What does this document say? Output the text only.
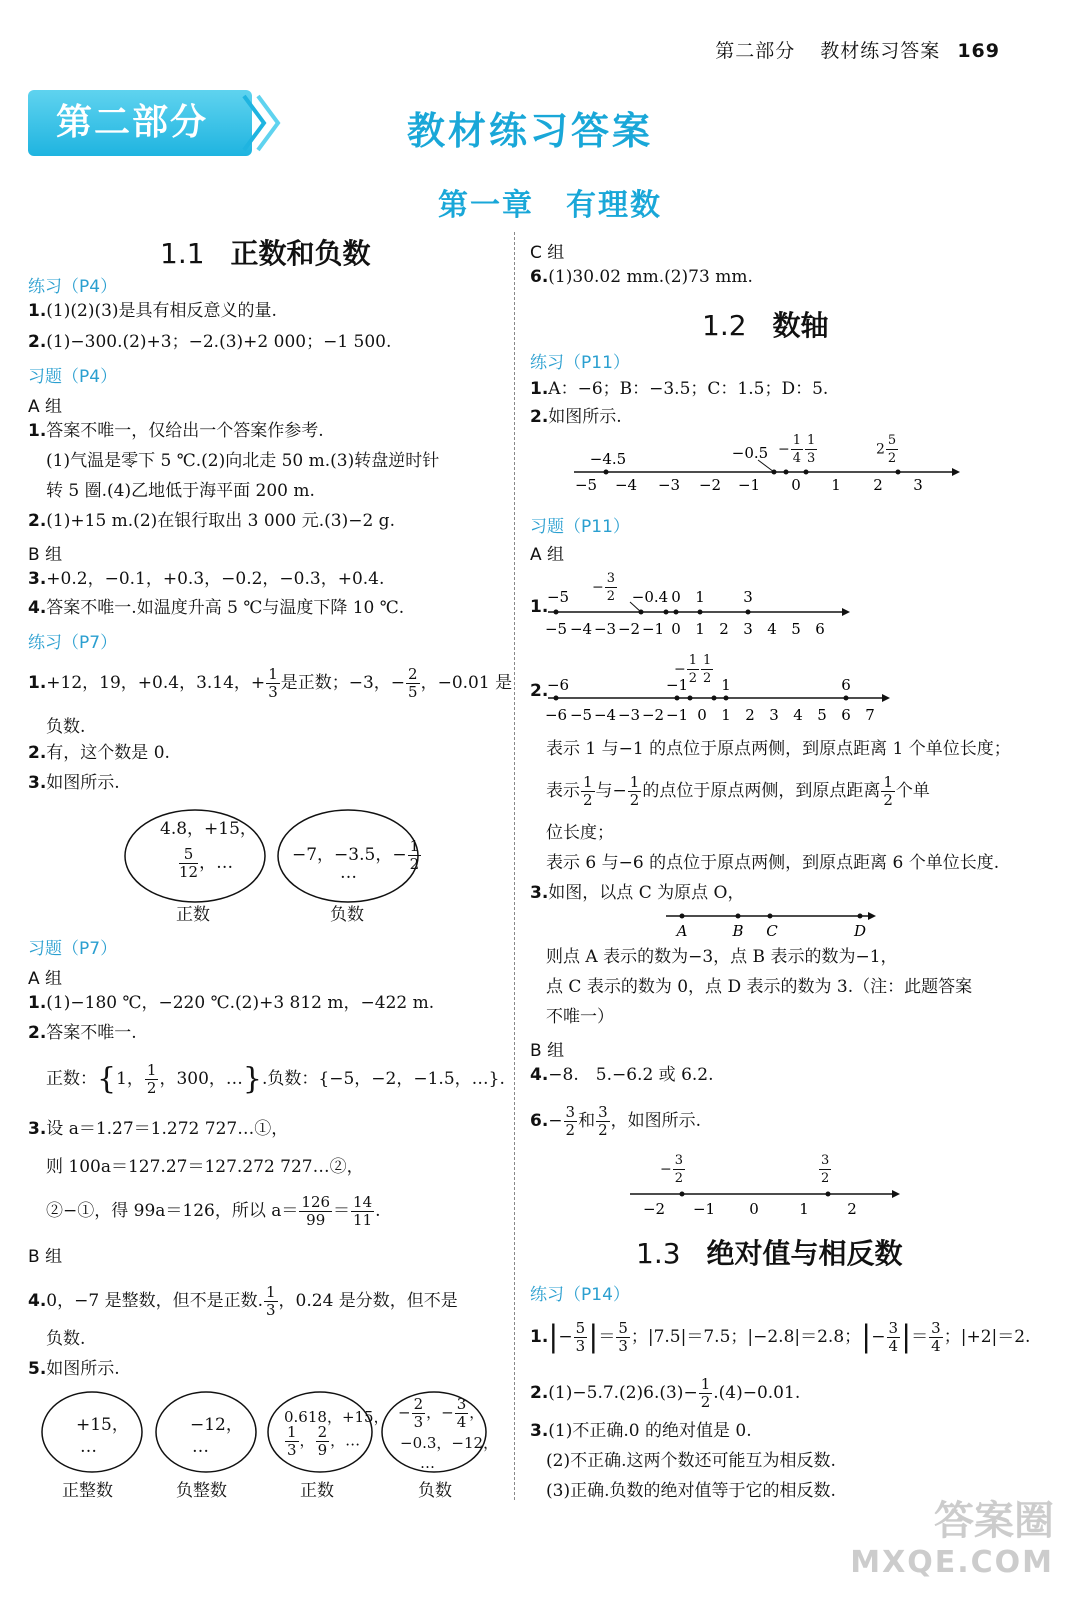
第二部分 教材练习答案 169
第二部分	教材练习答案
第一章　有理数
1.1 正数和负数
练习（P4）
1.(1)(2)(3)是具有相反意义的量.
2.(1)−300.(2)+3；−2.(3)+2 000；−1 500.
习题（P4）
A 组
1.答案不唯一，仅给出一个答案作参考.
(1)气温是零下 5 ℃.(2)向北走 50 m.(3)转盘逆时针
转 5 圈.(4)乙地低于海平面 200 m.
2.(1)+15 m.(2)在银行取出 3 000 元.(3)−2 g.
B 组
3.+0.2，−0.1，+0.3，−0.2，−0.3，+0.4.
4.答案不唯一.如温度升高 5 ℃与温度下降 10 ℃.
练习（P7）
1.+12，19，+0.4，3.14，+ $\frac{1}{3}$ 是正数；−3，− $\frac{2}{5}$ ，−0.01 是
负数.
2.有，这个数是 0.
3.如图所示.
4.8，+15，
$\frac{5}{12}$ ，…	−7，−3.5，− $\frac{1}{2}$
…
正数	负数
习题（P7）
A 组
1.(1)−180 ℃，−220 ℃.(2)+3 812 m，−422 m.
2.答案不唯一.
正数：{1， $\frac{1}{2}$ ，300，…}.负数：{−5，−2，−1.5，…}.
3.设 a＝1.2̇7̇＝1.272 727…①，
则 100a＝127.2̇7̇＝127.272 727…②，
②−①，得 99a＝126，所以 $a= \frac{126}{99} = \frac{14}{11}$ .
B 组
4.0，−7 是整数，但不是正数. $\frac{1}{3}$ ，0.24 是分数，但不是
负数.
5.如图所示.
+15，
…
−12，
…
0.618，+15，
$\frac{1}{3}$ ， $\frac{2}{9}$ ，…
− $\frac{2}{3}$ ，− $\frac{3}{4}$ ，
−0.3，−12，
…
正整数	负整数	正数	负数
C 组
6.(1)30.02 mm.(2)73 mm.
1.2 数轴
练习（P11）
1.A：−6；B：−3.5；C：1.5；D：5.
2.如图所示.
−5 −4 −3 −2 −1 0 1 2 3
−4.5	$-0.5 - \frac{1}{4} \frac{1}{3}$	$2 \frac{5}{2}$
习题（P11）
A 组
1.
−5 −4 −3 −2 −1 0 1 2 3 4 5 6
−5	−0.4 0 1	3
− $\frac{3}{2}$
2.
−6 −5 −4 −3 −2 −1 0 1 2 3 4 5 6 7
−6	−1 1	6
− $\frac{1}{2} \frac{1}{2}$
表示 1 与−1 的点位于原点两侧，到原点距离 1 个单位长度；
表示 $\frac{1}{2}$ 与− $\frac{1}{2}$ 的点位于原点两侧，到原点距离 $\frac{1}{2}$ 个单
位长度；
表示 6 与−6 的点位于原点两侧，到原点距离 6 个单位长度.
3.如图，以点 C 为原点 O，
A	B C	D
则点 A 表示的数为−3，点 B 表示的数为−1，
点 C 表示的数为 0，点 D 表示的数为 3.（注：此题答案
不唯一）
B 组
4.−8.　5.−6.2 或 6.2.
$6.- \frac{3}{2}$ 和 $\frac{3}{2}$ ，如图所示.
−2 −1 0	1	2
− $\frac{3}{2}$	$\frac{3}{2}$
1.3 绝对值与相反数
练习（P14）
$1.|- \frac{5}{3}$ |＝ $\frac{5}{3}$ ；|7.5|＝7.5；|−2.8|＝2.8；|− $\frac{3}{4}$ |＝ $\frac{3}{4}$ ；|+2|＝2.
$2.(1)-5.7.(2)6.(3)- \frac{1}{2} .(4)-0.01$.
3.(1)不正确.0 的绝对值是 0.
(2)不正确.这两个数还可能互为相反数.
(3)正确.负数的绝对值等于它的相反数.
答案圈
MXQE.COM
